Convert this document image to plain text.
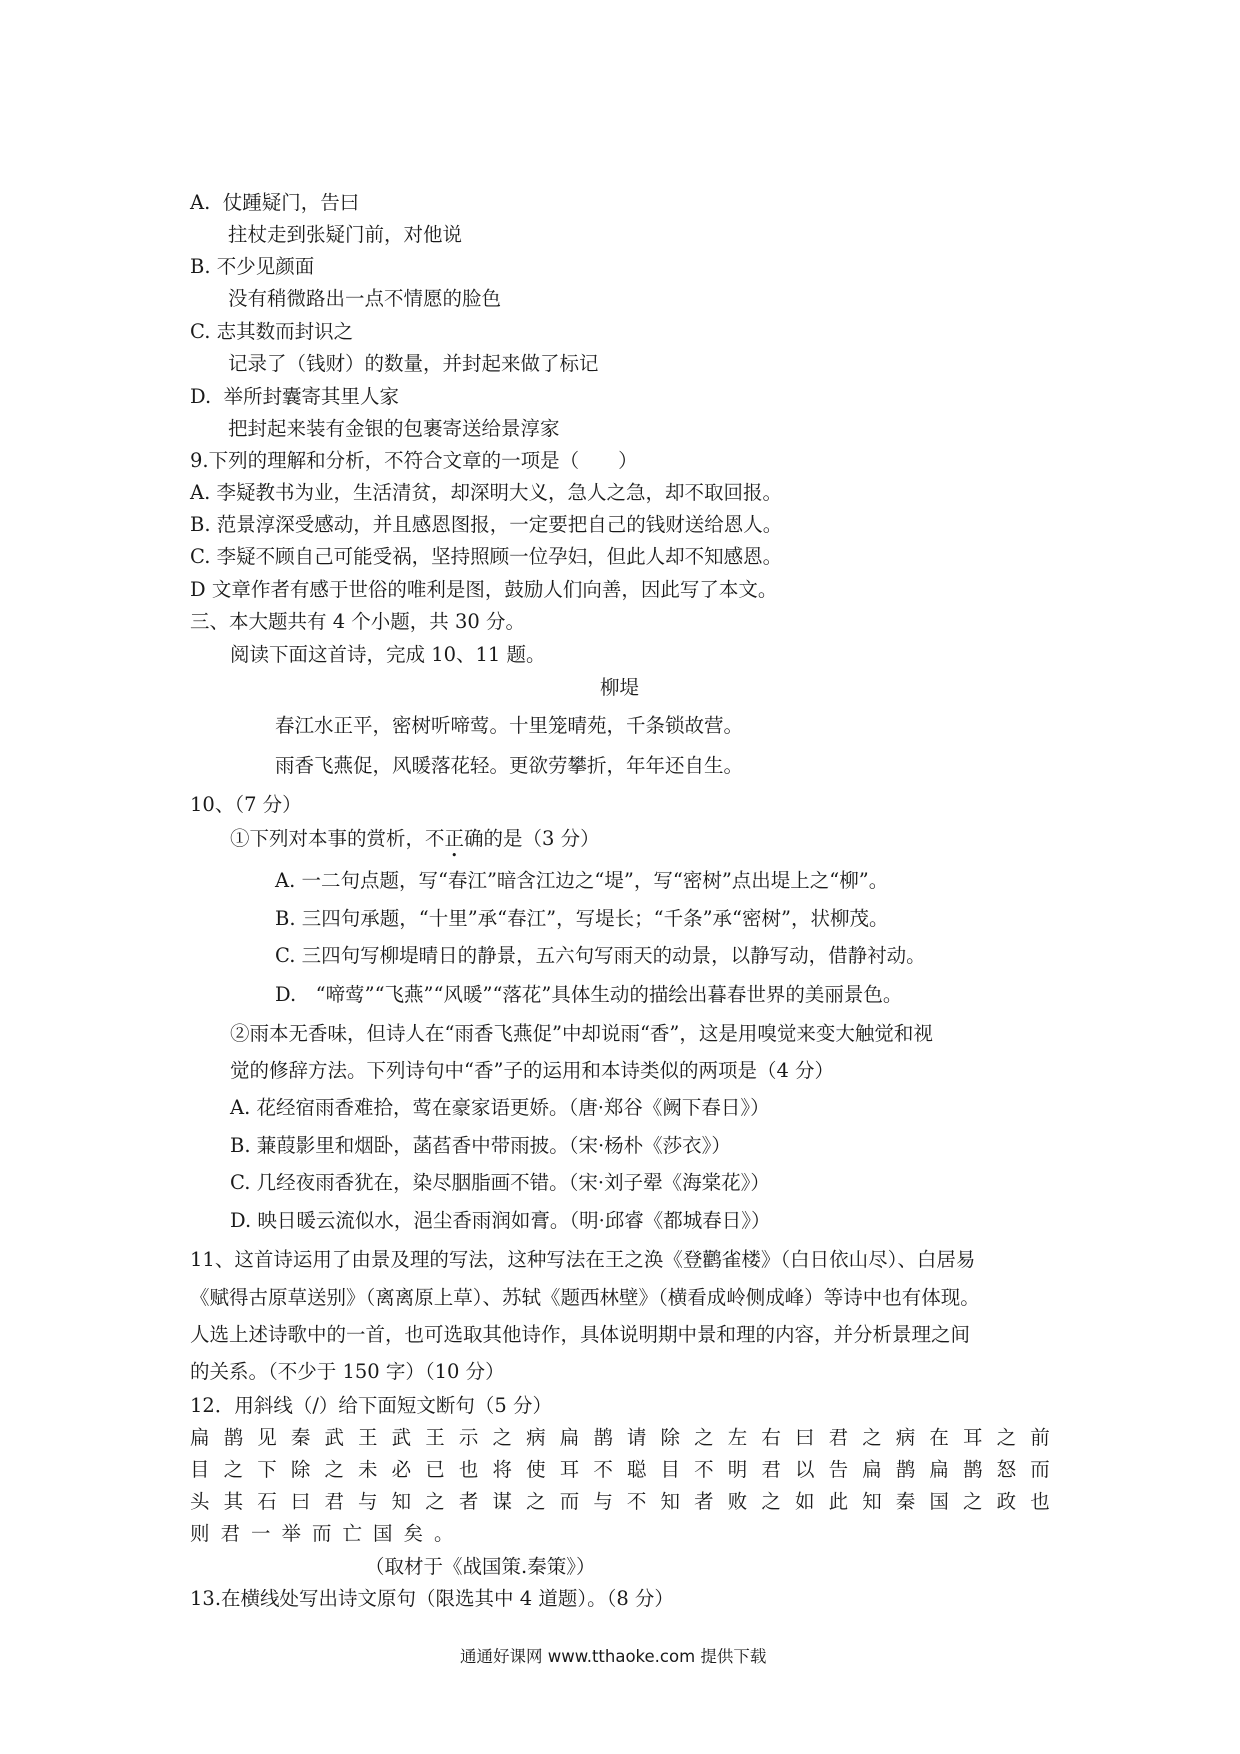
A. 仗踵疑门，告曰
拄杖走到张疑门前，对他说
B. 不少见颜面
没有稍微路出一点不情愿的脸色
C. 志其数而封识之
记录了（钱财）的数量，并封起来做了标记
D. 举所封囊寄其里人家
把封起来装有金银的包裹寄送给景淳家
9.下列的理解和分析，不符合文章的一项是（　　）
A. 李疑教书为业，生活清贫，却深明大义，急人之急，却不取回报。
B. 范景淳深受感动，并且感恩图报，一定要把自己的钱财送给恩人。
C. 李疑不顾自己可能受祸，坚持照顾一位孕妇，但此人却不知感恩。
D 文章作者有感于世俗的唯利是图，鼓励人们向善，因此写了本文。
三、本大题共有 4 个小题，共 30 分。
阅读下面这首诗，完成 10、11 题。
柳堤
春江水正平，密树听啼莺。十里笼晴苑，千条锁故营。
雨香飞燕促，风暖落花轻。更欲劳攀折，年年还自生。
10、（7 分）
①下列对本事的赏析，不正确的是（3 分）
A. 一二句点题，写“春江”暗含江边之“堤”，写“密树”点出堤上之“柳”。
B. 三四句承题，“十里”承“春江”，写堤长；“千条”承“密树”，状柳茂。
C. 三四句写柳堤晴日的静景，五六句写雨天的动景，以静写动，借静衬动。
D.　“啼莺”“飞燕”“风暖”“落花”具体生动的描绘出暮春世界的美丽景色。
②雨本无香味，但诗人在“雨香飞燕促”中却说雨“香”，这是用嗅觉来变大触觉和视
觉的修辞方法。下列诗句中“香”子的运用和本诗类似的两项是（4 分）
A. 花经宿雨香难拾，莺在豪家语更娇。（唐·郑谷《阙下春日》）
B. 蒹葭影里和烟卧，菡萏香中带雨披。（宋·杨朴《莎衣》）
C. 几经夜雨香犹在，染尽胭脂画不错。（宋·刘子翚《海棠花》）
D. 映日暖云流似水，浥尘香雨润如膏。（明·邱睿《都城春日》）
11、这首诗运用了由景及理的写法，这种写法在王之涣《登鹳雀楼》（白日依山尽）、白居易
《赋得古原草送别》（离离原上草）、苏轼《题西林壁》（横看成岭侧成峰）等诗中也有体现。
人选上述诗歌中的一首，也可选取其他诗作，具体说明期中景和理的内容，并分析景理之间
的关系。（不少于 150 字）（10 分）
12．用斜线（/）给下面短文断句（5 分）
扁 鹊 见 秦 武 王 武 王 示 之 病 扁 鹊 请 除 之 左 右 曰 君 之 病 在 耳 之 前
目 之 下 除 之 未 必 已 也 将 使 耳 不 聪 目 不 明 君 以 告 扁 鹊 扁 鹊 怒 而
头 其 石 曰 君 与 知 之 者 谋 之 而 与 不 知 者 败 之 如 此 知 秦 国 之 政 也
则君一举而亡国矣。
（取材于《战国策.秦策》）
13.在横线处写出诗文原句（限选其中 4 道题）。（8 分）
通通好课网 www.tthaoke.com 提供下载
